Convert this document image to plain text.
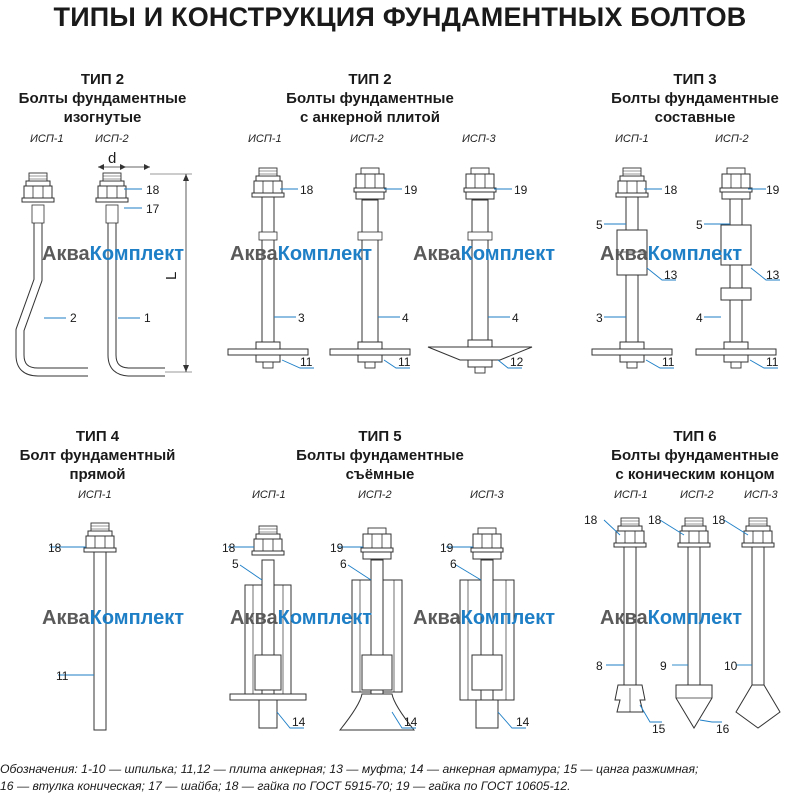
ТИПЫ И КОНСТРУКЦИЯ ФУНДАМЕНТНЫХ БОЛТОВ
ТИП 2
Болты фундаментные
изогнутые
ТИП 2
Болты фундаментные
с анкерной плитой
ТИП 3
Болты фундаментные
составные
ТИП 4
Болт фундаментный
прямой
ТИП 5
Болты фундаментные
съёмные
ТИП 6
Болты фундаментные
с коническим концом
ИСП-1	ИСП-2	ИСП-1	ИСП-2	ИСП-3	ИСП-1	ИСП-2
ИСП-1	ИСП-1	ИСП-2	ИСП-3	ИСП-1	ИСП-2	ИСП-3
d
L
18
17
2	1
18	19	19
3	4	4
11	11	12
18	19
5	5
13	13
3	4
11	11
18
11
18	19	19
5	6	6
14	14	14
18	18	18
8	9	10
15	16
АкваКомплект АкваКомплект АкваКомплект АкваКомплект
АкваКомплект АкваКомплект АкваКомплект АкваКомплект
Обозначения: 1-10 — шпилька; 11,12 — плита анкерная; 13 — муфта; 14 — анкерная арматура; 15 — цанга разжимная;
16 — втулка коническая; 17 — шайба; 18 — гайка по ГОСТ 5915-70; 19 — гайка по ГОСТ 10605-12.
